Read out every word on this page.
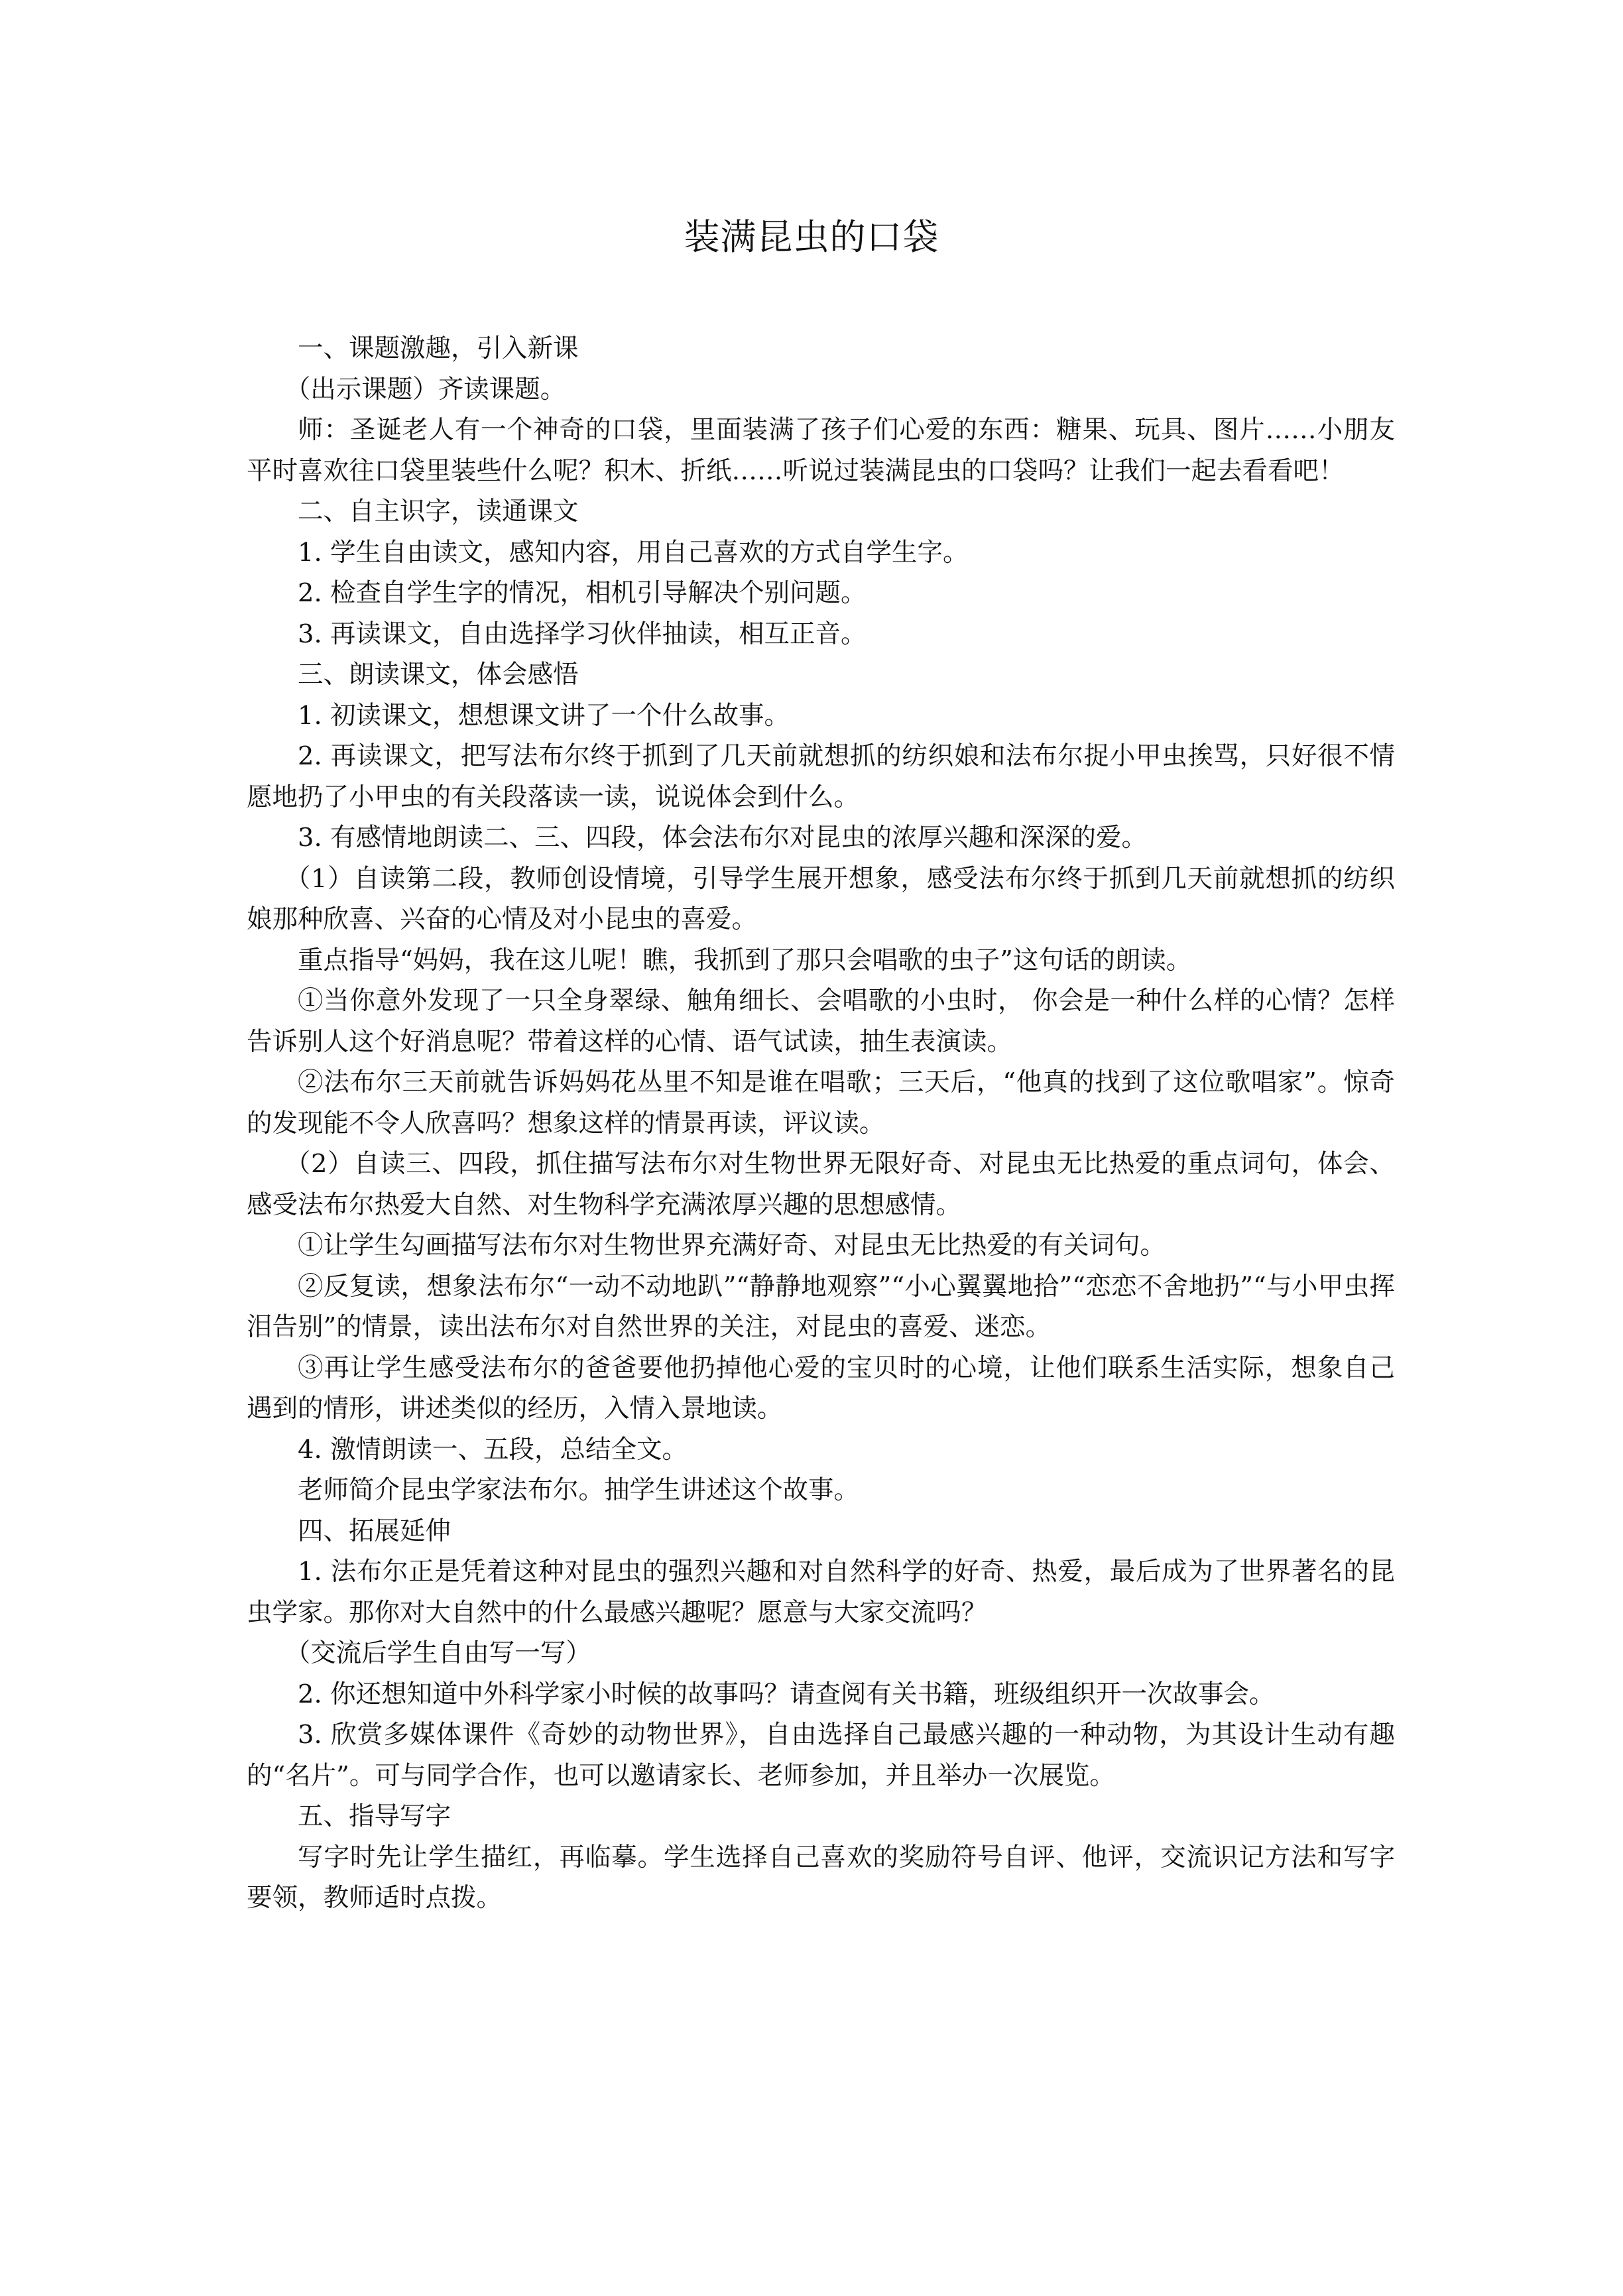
装满昆虫的口袋

一、课题激趣，引入新课

（出示课题）齐读课题。

师：圣诞老人有一个神奇的口袋，里面装满了孩子们心爱的东西：糖果、玩具、图片……小朋友平时喜欢往口袋里装些什么呢？积木、折纸……听说过装满昆虫的口袋吗？让我们一起去看看吧！

二、自主识字，读通课文

1. 学生自由读文，感知内容，用自己喜欢的方式自学生字。

2. 检查自学生字的情况，相机引导解决个别问题。

3. 再读课文，自由选择学习伙伴抽读，相互正音。

三、朗读课文，体会感悟

1. 初读课文，想想课文讲了一个什么故事。

2. 再读课文，把写法布尔终于抓到了几天前就想抓的纺织娘和法布尔捉小甲虫挨骂，只好很不情愿地扔了小甲虫的有关段落读一读，说说体会到什么。

3. 有感情地朗读二、三、四段，体会法布尔对昆虫的浓厚兴趣和深深的爱。

（1）自读第二段，教师创设情境，引导学生展开想象，感受法布尔终于抓到几天前就想抓的纺织娘那种欣喜、兴奋的心情及对小昆虫的喜爱。

重点指导“妈妈，我在这儿呢！瞧，我抓到了那只会唱歌的虫子”这句话的朗读。

①当你意外发现了一只全身翠绿、触角细长、会唱歌的小虫时， 你会是一种什么样的心情？怎样告诉别人这个好消息呢？带着这样的心情、语气试读，抽生表演读。

②法布尔三天前就告诉妈妈花丛里不知是谁在唱歌；三天后，“他真的找到了这位歌唱家”。惊奇的发现能不令人欣喜吗？想象这样的情景再读，评议读。

（2）自读三、四段，抓住描写法布尔对生物世界无限好奇、对昆虫无比热爱的重点词句，体会、感受法布尔热爱大自然、对生物科学充满浓厚兴趣的思想感情。

①让学生勾画描写法布尔对生物世界充满好奇、对昆虫无比热爱的有关词句。

②反复读，想象法布尔“一动不动地趴”“静静地观察”“小心翼翼地拾”“恋恋不舍地扔”“与小甲虫挥泪告别”的情景，读出法布尔对自然世界的关注，对昆虫的喜爱、迷恋。

③再让学生感受法布尔的爸爸要他扔掉他心爱的宝贝时的心境，让他们联系生活实际，想象自己遇到的情形，讲述类似的经历，入情入景地读。

4. 激情朗读一、五段，总结全文。

老师简介昆虫学家法布尔。抽学生讲述这个故事。

四、拓展延伸

1. 法布尔正是凭着这种对昆虫的强烈兴趣和对自然科学的好奇、热爱，最后成为了世界著名的昆虫学家。那你对大自然中的什么最感兴趣呢？愿意与大家交流吗？

（交流后学生自由写一写）

2. 你还想知道中外科学家小时候的故事吗？请查阅有关书籍，班级组织开一次故事会。

3. 欣赏多媒体课件《奇妙的动物世界》，自由选择自己最感兴趣的一种动物，为其设计生动有趣的“名片”。可与同学合作，也可以邀请家长、老师参加，并且举办一次展览。

五、指导写字

写字时先让学生描红，再临摹。学生选择自己喜欢的奖励符号自评、他评，交流识记方法和写字要领，教师适时点拨。
